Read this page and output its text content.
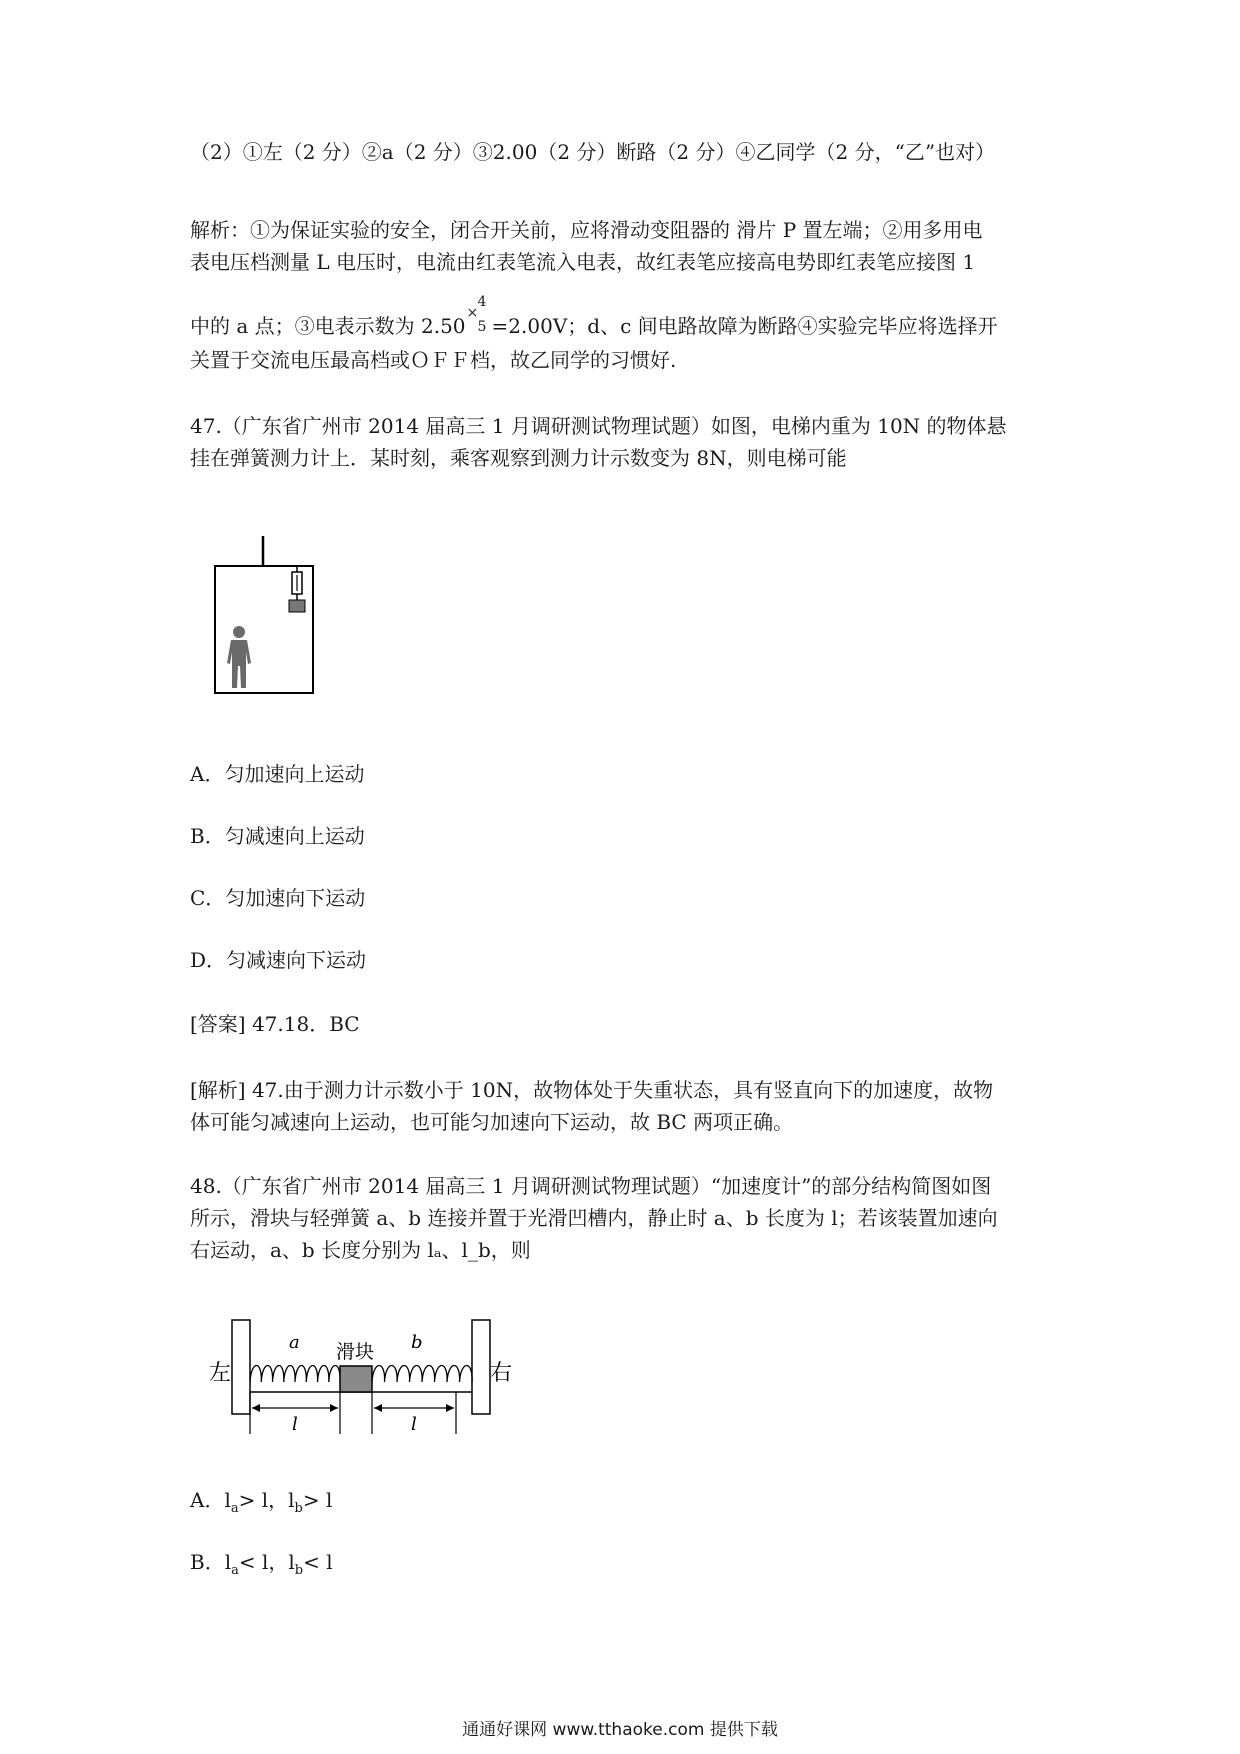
（2）①左（2 分）②a（2 分）③2.00（2 分）断路（2 分）④乙同学（2 分，“乙”也对）
解析：①为保证实验的安全，闭合开关前，应将滑动变阻器的 滑片 P 置左端；②用多用电
表电压档测量 L 电压时，电流由红表笔流入电表，故红表笔应接高电势即红表笔应接图 1
中的 a 点；③电表示数为 2.50
×
4
5 =2.00V；d、c 间电路故障为断路④实验完毕应将选择开
关置于交流电压最高档或ＯＦＦ档，故乙同学的习惯好.
47.（广东省广州市 2014 届高三 1 月调研测试物理试题）如图，电梯内重为 10N 的物体悬
挂在弹簧测力计上．某时刻，乘客观察到测力计示数变为 8N，则电梯可能
A．匀加速向上运动
B．匀减速向上运动
C．匀加速向下运动
D．匀减速向下运动
[答案] 47.18．BC
[解析] 47.由于测力计示数小于 10N，故物体处于失重状态，具有竖直向下的加速度，故物
体可能匀减速向上运动，也可能匀加速向下运动，故 BC 两项正确。
48.（广东省广州市 2014 届高三 1 月调研测试物理试题）“加速度计”的部分结构简图如图
所示，滑块与轻弹簧 a、b 连接并置于光滑凹槽内，静止时 a、b 长度为 l；若该装置加速向
右运动，a、b 长度分别为 lₐ、l_b，则
左	右
滑块
a	b
l	l
A．$l_a> l$，$l_b> l$
B．$l_a< l$，$l_b< l$
通通好课网 www.tthaoke.com 提供下载
